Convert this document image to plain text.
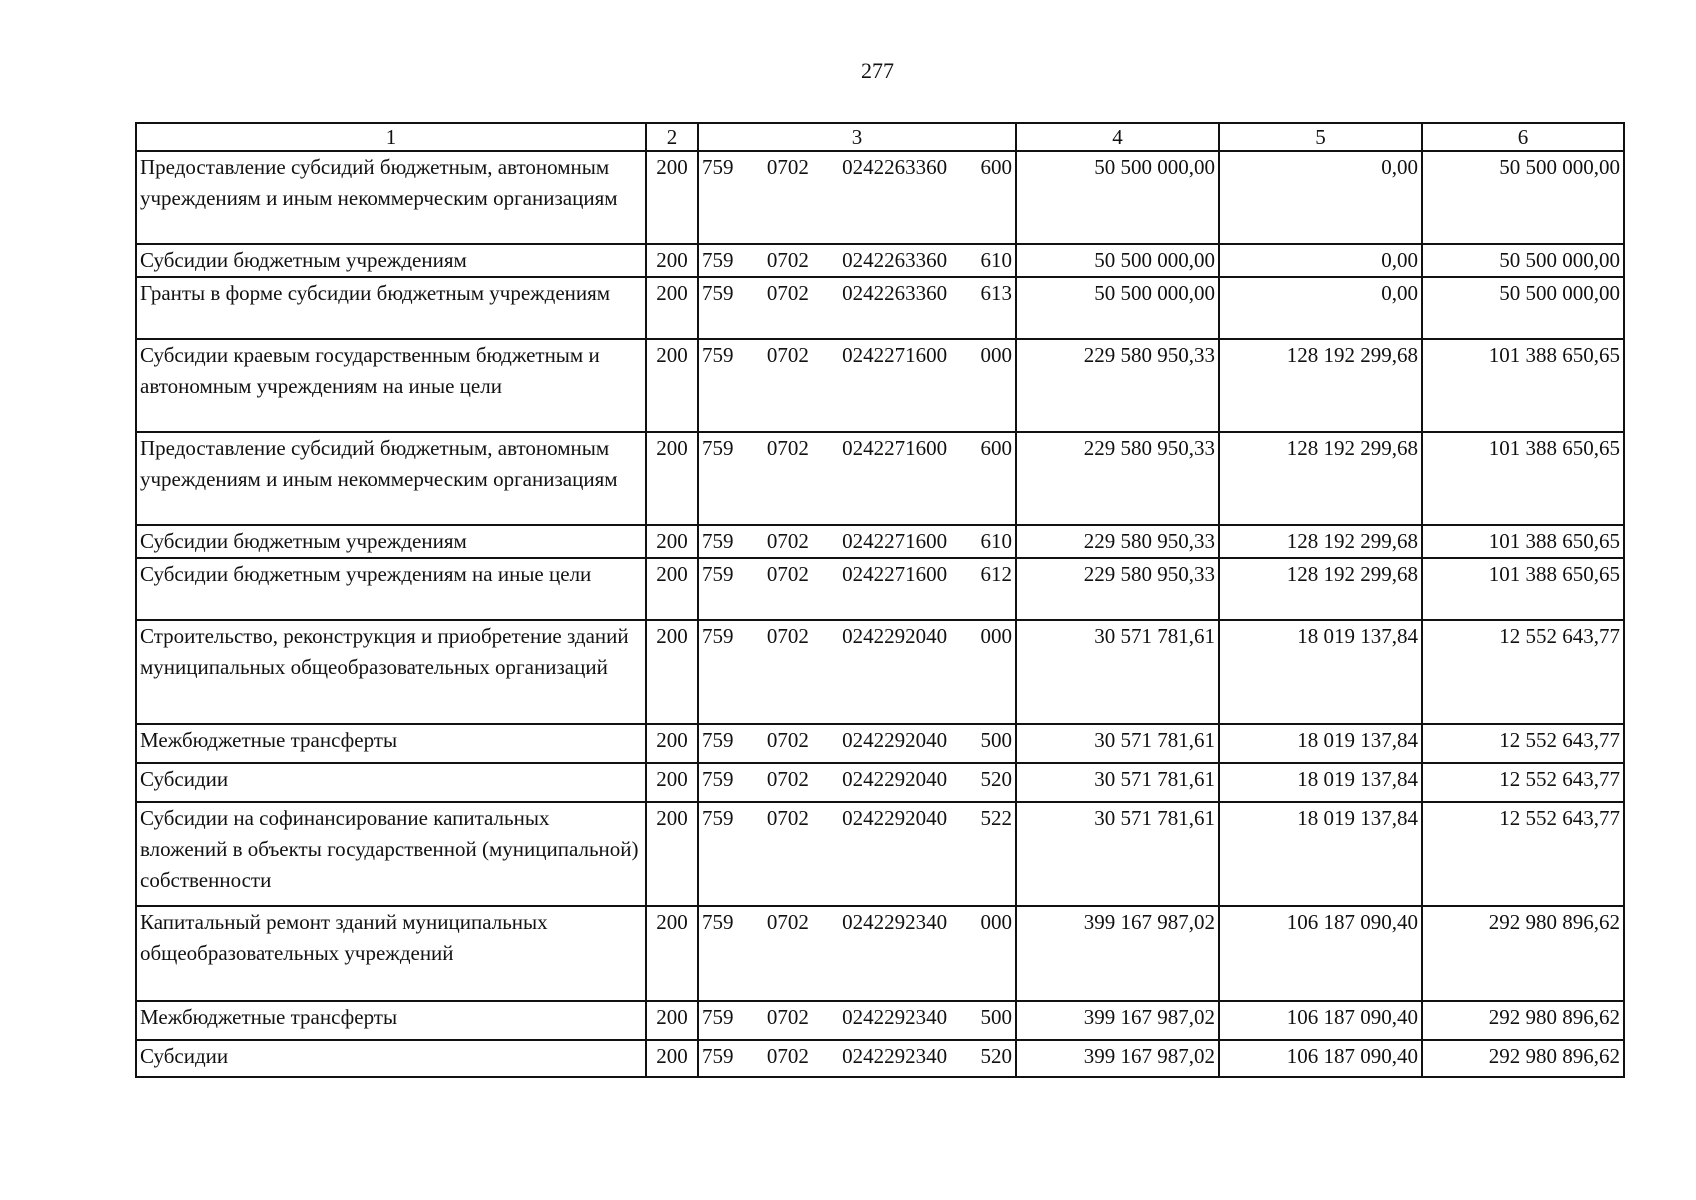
277
1	2	3	4	5	6
Предоставление субсидий бюджетным, автономным учреждениям и иным некоммерческим организациям	200	759 0702 0242263360 600	50 500 000,00	0,00	50 500 000,00
Субсидии бюджетным учреждениям	200	759 0702 0242263360 610	50 500 000,00	0,00	50 500 000,00
Гранты в форме субсидии бюджетным учреждениям	200	759 0702 0242263360 613	50 500 000,00	0,00	50 500 000,00
Субсидии краевым государственным бюджетным и автономным учреждениям на иные цели	200	759 0702 0242271600 000	229 580 950,33	128 192 299,68	101 388 650,65
Предоставление субсидий бюджетным, автономным учреждениям и иным некоммерческим организациям	200	759 0702 0242271600 600	229 580 950,33	128 192 299,68	101 388 650,65
Субсидии бюджетным учреждениям	200	759 0702 0242271600 610	229 580 950,33	128 192 299,68	101 388 650,65
Субсидии бюджетным учреждениям на иные цели	200	759 0702 0242271600 612	229 580 950,33	128 192 299,68	101 388 650,65
Строительство, реконструкция и приобретение зданий муниципальных общеобразовательных организаций	200	759 0702 0242292040 000	30 571 781,61	18 019 137,84	12 552 643,77
Межбюджетные трансферты	200	759 0702 0242292040 500	30 571 781,61	18 019 137,84	12 552 643,77
Субсидии	200	759 0702 0242292040 520	30 571 781,61	18 019 137,84	12 552 643,77
Субсидии на софинансирование капитальных вложений в объекты государственной (муниципальной) собственности	200	759 0702 0242292040 522	30 571 781,61	18 019 137,84	12 552 643,77
Капитальный ремонт зданий муниципальных общеобразовательных учреждений	200	759 0702 0242292340 000	399 167 987,02	106 187 090,40	292 980 896,62
Межбюджетные трансферты	200	759 0702 0242292340 500	399 167 987,02	106 187 090,40	292 980 896,62
Субсидии	200	759 0702 0242292340 520	399 167 987,02	106 187 090,40	292 980 896,62
